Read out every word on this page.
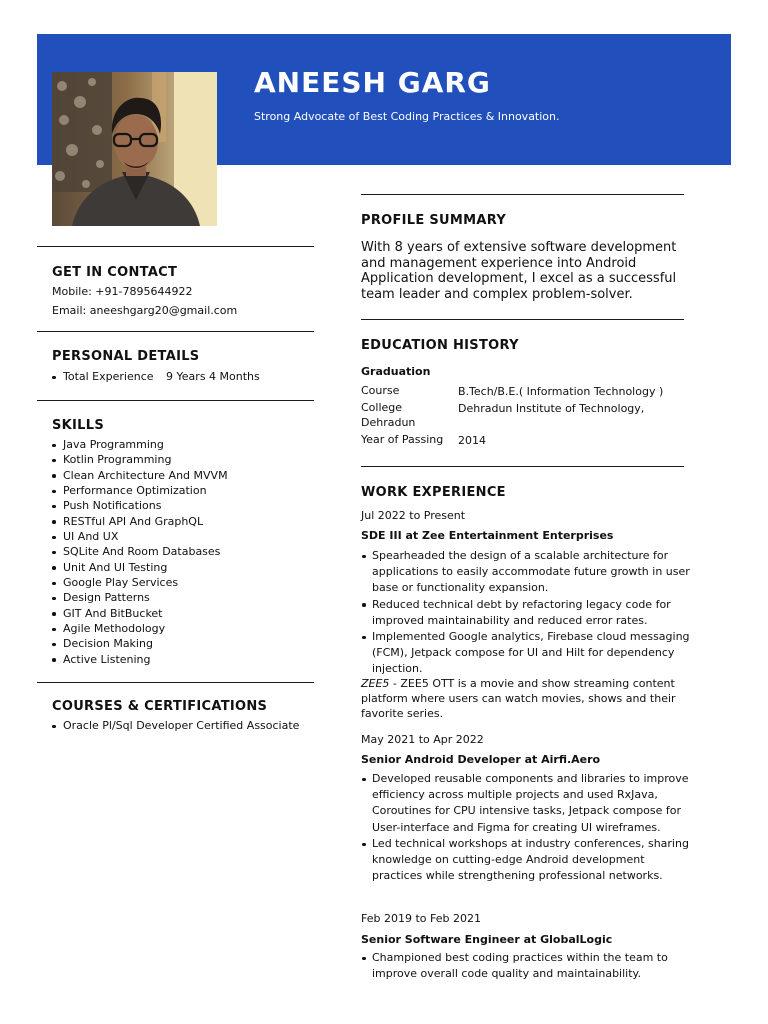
ANEESH GARG
Strong Advocate of Best Coding Practices & Innovation.
GET IN CONTACT
Mobile: +91-7895644922
Email: aneeshgarg20@gmail.com
PERSONAL DETAILS
Total Experience 9 Years 4 Months
SKILLS
Java Programming
Kotlin Programming
Clean Architecture And MVVM
Performance Optimization
Push Notifications
RESTful API And GraphQL
UI And UX
SQLite And Room Databases
Unit And UI Testing
Google Play Services
Design Patterns
GIT And BitBucket
Agile Methodology
Decision Making
Active Listening
COURSES & CERTIFICATIONS
Oracle Pl/Sql Developer Certified Associate
PROFILE SUMMARY
With 8 years of extensive software development and management experience into Android Application development, I excel as a successful team leader and complex problem-solver.
EDUCATION HISTORY
Graduation
Course	B.Tech/B.E.( Information Technology )
College	Dehradun Institute of Technology,
Dehradun
Year of Passing 2014
WORK EXPERIENCE
Jul 2022 to Present
SDE III at Zee Entertainment Enterprises
Spearheaded the design of a scalable architecture for applications to easily accommodate future growth in user base or functionality expansion.
Reduced technical debt by refactoring legacy code for improved maintainability and reduced error rates.
Implemented Google analytics, Firebase cloud messaging (FCM), Jetpack compose for UI and Hilt for dependency injection.
ZEE5 - ZEE5 OTT is a movie and show streaming content platform where users can watch movies, shows and their favorite series.
May 2021 to Apr 2022
Senior Android Developer at Airfi.Aero
Developed reusable components and libraries to improve efficiency across multiple projects and used RxJava, Coroutines for CPU intensive tasks, Jetpack compose for User-interface and Figma for creating UI wireframes.
Led technical workshops at industry conferences, sharing knowledge on cutting-edge Android development practices while strengthening professional networks.
Feb 2019 to Feb 2021
Senior Software Engineer at GlobalLogic
Championed best coding practices within the team to improve overall code quality and maintainability.
